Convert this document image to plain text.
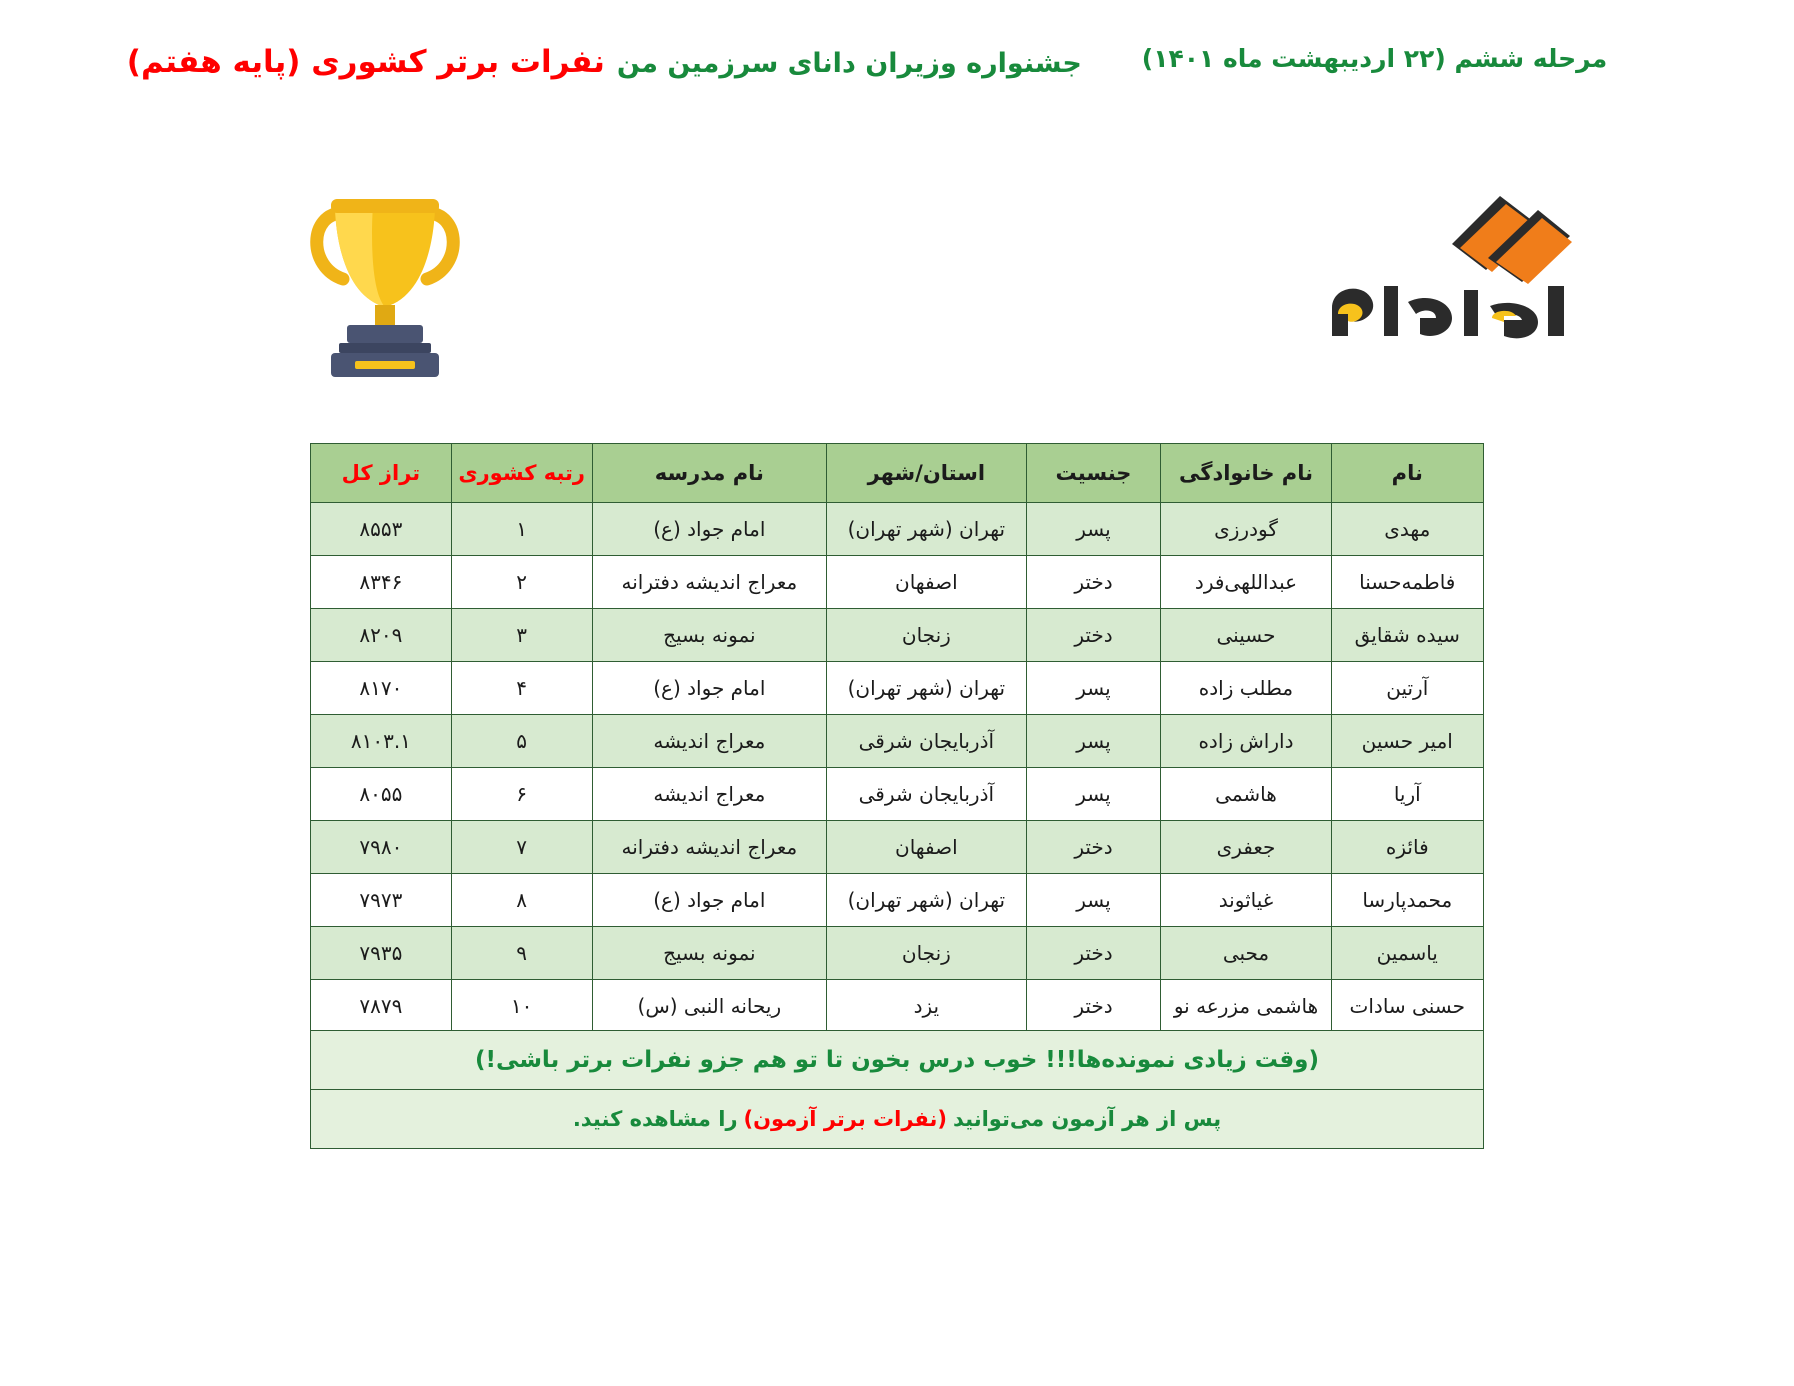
مرحله ششم (۲۲ اردیبهشت ماه ۱۴۰۱)
جشنواره وزیران دانای سرزمین من
نفرات برتر کشوری (پایه هفتم)
نام	نام خانوادگی	جنسیت	استان/شهر	نام مدرسه	رتبه کشوری	تراز کل
مهدی	گودرزی	پسر	تهران (شهر تهران)	امام جواد (ع)	۱	۸۵۵۳
فاطمه‌حسنا	عبداللهی‌فرد	دختر	اصفهان	معراج اندیشه دفترانه	۲	۸۳۴۶
سیده شقایق	حسینی	دختر	زنجان	نمونه بسیج	۳	۸۲۰۹
آرتین	مطلب زاده	پسر	تهران (شهر تهران)	امام جواد (ع)	۴	۸۱۷۰
امیر حسین	داراش زاده	پسر	آذربایجان شرقی	معراج اندیشه	۵	۸۱۰۳.۱
آریا	هاشمی	پسر	آذربایجان شرقی	معراج اندیشه	۶	۸۰۵۵
فائزه	جعفری	دختر	اصفهان	معراج اندیشه دفترانه	۷	۷۹۸۰
محمدپارسا	غیاثوند	پسر	تهران (شهر تهران)	امام جواد (ع)	۸	۷۹۷۳
یاسمین	محبی	دختر	زنجان	نمونه بسیج	۹	۷۹۳۵
حسنی سادات	هاشمی مزرعه نو	دختر	یزد	ریحانه النبی (س)	۱۰	۷۸۷۹
(وقت زیادی نمونده‌ها!!! خوب درس بخون تا تو هم جزو نفرات برتر باشی!)
پس از هر آزمون می‌توانید
(نفرات برتر آزمون)
را مشاهده کنید.
